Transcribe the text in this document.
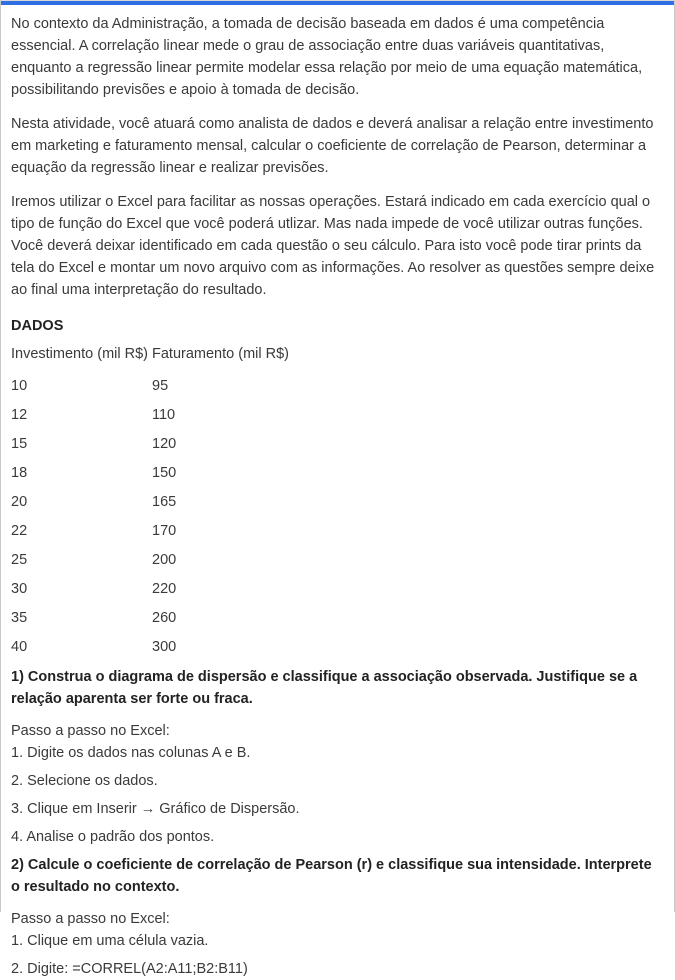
No contexto da Administração, a tomada de decisão baseada em dados é uma competência essencial. A correlação linear mede o grau de associação entre duas variáveis quantitativas, enquanto a regressão linear permite modelar essa relação por meio de uma equação matemática, possibilitando previsões e apoio à tomada de decisão.

Nesta atividade, você atuará como analista de dados e deverá analisar a relação entre investimento em marketing e faturamento mensal, calcular o coeficiente de correlação de Pearson, determinar a equação da regressão linear e realizar previsões.

Iremos utilizar o Excel para facilitar as nossas operações. Estará indicado em cada exercício qual o tipo de função do Excel que você poderá utlizar. Mas nada impede de você utilizar outras funções. Você deverá deixar identificado em cada questão o seu cálculo. Para isto você pode tirar prints da tela do Excel e montar um novo arquivo com as informações. Ao resolver as questões sempre deixe ao final uma interpretação do resultado.

DADOS
Investimento (mil R$)	Faturamento (mil R$)
10	95
12	110
15	120
18	150
20	165
22	170
25	200
30	220
35	260
40	300

1) Construa o diagrama de dispersão e classifique a associação observada. Justifique se a relação aparenta ser forte ou fraca.

Passo a passo no Excel:
1. Digite os dados nas colunas A e B.

2. Selecione os dados.

3. Clique em Inserir → Gráfico de Dispersão.

4. Analise o padrão dos pontos.

2) Calcule o coeficiente de correlação de Pearson (r) e classifique sua intensidade. Interprete o resultado no contexto.

Passo a passo no Excel:
1. Clique em uma célula vazia.

2. Digite: =CORREL(A2:A11;B2:B11)
